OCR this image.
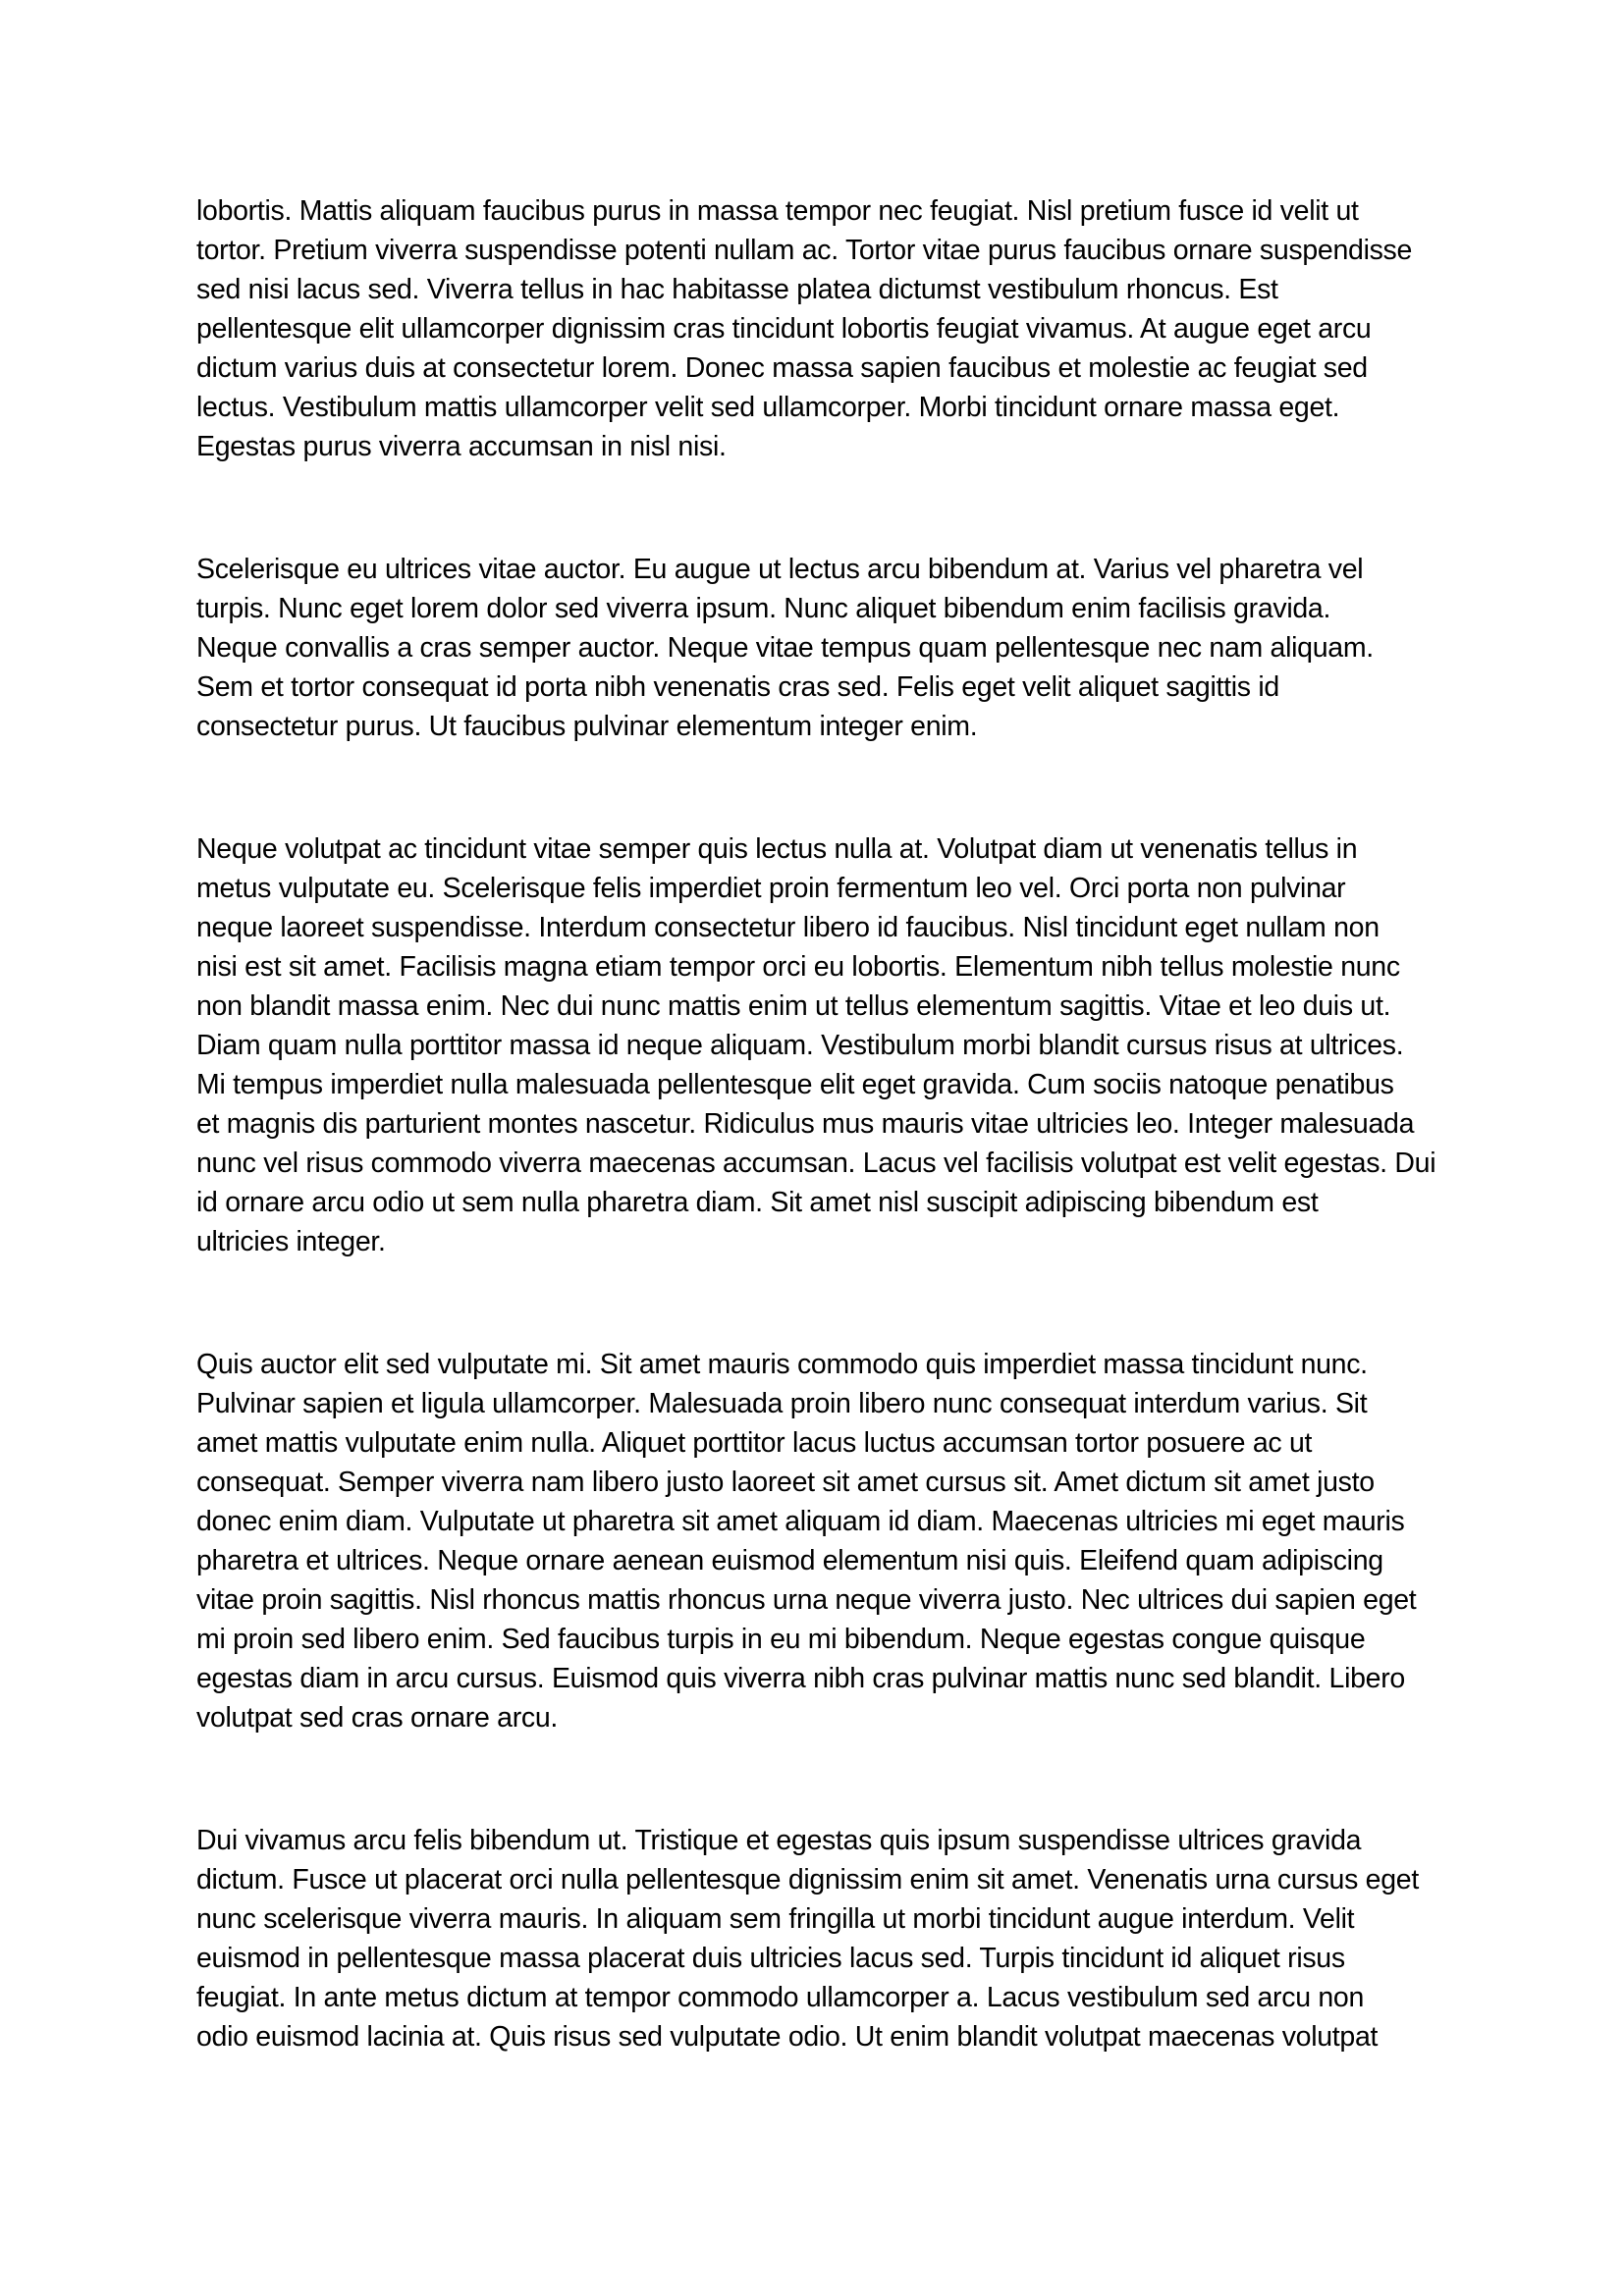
lobortis. Mattis aliquam faucibus purus in massa tempor nec feugiat. Nisl pretium fusce id velit ut
tortor. Pretium viverra suspendisse potenti nullam ac. Tortor vitae purus faucibus ornare suspendisse
sed nisi lacus sed. Viverra tellus in hac habitasse platea dictumst vestibulum rhoncus. Est
pellentesque elit ullamcorper dignissim cras tincidunt lobortis feugiat vivamus. At augue eget arcu
dictum varius duis at consectetur lorem. Donec massa sapien faucibus et molestie ac feugiat sed
lectus. Vestibulum mattis ullamcorper velit sed ullamcorper. Morbi tincidunt ornare massa eget.
Egestas purus viverra accumsan in nisl nisi.

Scelerisque eu ultrices vitae auctor. Eu augue ut lectus arcu bibendum at. Varius vel pharetra vel
turpis. Nunc eget lorem dolor sed viverra ipsum. Nunc aliquet bibendum enim facilisis gravida.
Neque convallis a cras semper auctor. Neque vitae tempus quam pellentesque nec nam aliquam.
Sem et tortor consequat id porta nibh venenatis cras sed. Felis eget velit aliquet sagittis id
consectetur purus. Ut faucibus pulvinar elementum integer enim.

Neque volutpat ac tincidunt vitae semper quis lectus nulla at. Volutpat diam ut venenatis tellus in
metus vulputate eu. Scelerisque felis imperdiet proin fermentum leo vel. Orci porta non pulvinar
neque laoreet suspendisse. Interdum consectetur libero id faucibus. Nisl tincidunt eget nullam non
nisi est sit amet. Facilisis magna etiam tempor orci eu lobortis. Elementum nibh tellus molestie nunc
non blandit massa enim. Nec dui nunc mattis enim ut tellus elementum sagittis. Vitae et leo duis ut.
Diam quam nulla porttitor massa id neque aliquam. Vestibulum morbi blandit cursus risus at ultrices.
Mi tempus imperdiet nulla malesuada pellentesque elit eget gravida. Cum sociis natoque penatibus
et magnis dis parturient montes nascetur. Ridiculus mus mauris vitae ultricies leo. Integer malesuada
nunc vel risus commodo viverra maecenas accumsan. Lacus vel facilisis volutpat est velit egestas. Dui
id ornare arcu odio ut sem nulla pharetra diam. Sit amet nisl suscipit adipiscing bibendum est
ultricies integer.

Quis auctor elit sed vulputate mi. Sit amet mauris commodo quis imperdiet massa tincidunt nunc.
Pulvinar sapien et ligula ullamcorper. Malesuada proin libero nunc consequat interdum varius. Sit
amet mattis vulputate enim nulla. Aliquet porttitor lacus luctus accumsan tortor posuere ac ut
consequat. Semper viverra nam libero justo laoreet sit amet cursus sit. Amet dictum sit amet justo
donec enim diam. Vulputate ut pharetra sit amet aliquam id diam. Maecenas ultricies mi eget mauris
pharetra et ultrices. Neque ornare aenean euismod elementum nisi quis. Eleifend quam adipiscing
vitae proin sagittis. Nisl rhoncus mattis rhoncus urna neque viverra justo. Nec ultrices dui sapien eget
mi proin sed libero enim. Sed faucibus turpis in eu mi bibendum. Neque egestas congue quisque
egestas diam in arcu cursus. Euismod quis viverra nibh cras pulvinar mattis nunc sed blandit. Libero
volutpat sed cras ornare arcu.

Dui vivamus arcu felis bibendum ut. Tristique et egestas quis ipsum suspendisse ultrices gravida
dictum. Fusce ut placerat orci nulla pellentesque dignissim enim sit amet. Venenatis urna cursus eget
nunc scelerisque viverra mauris. In aliquam sem fringilla ut morbi tincidunt augue interdum. Velit
euismod in pellentesque massa placerat duis ultricies lacus sed. Turpis tincidunt id aliquet risus
feugiat. In ante metus dictum at tempor commodo ullamcorper a. Lacus vestibulum sed arcu non
odio euismod lacinia at. Quis risus sed vulputate odio. Ut enim blandit volutpat maecenas volutpat
